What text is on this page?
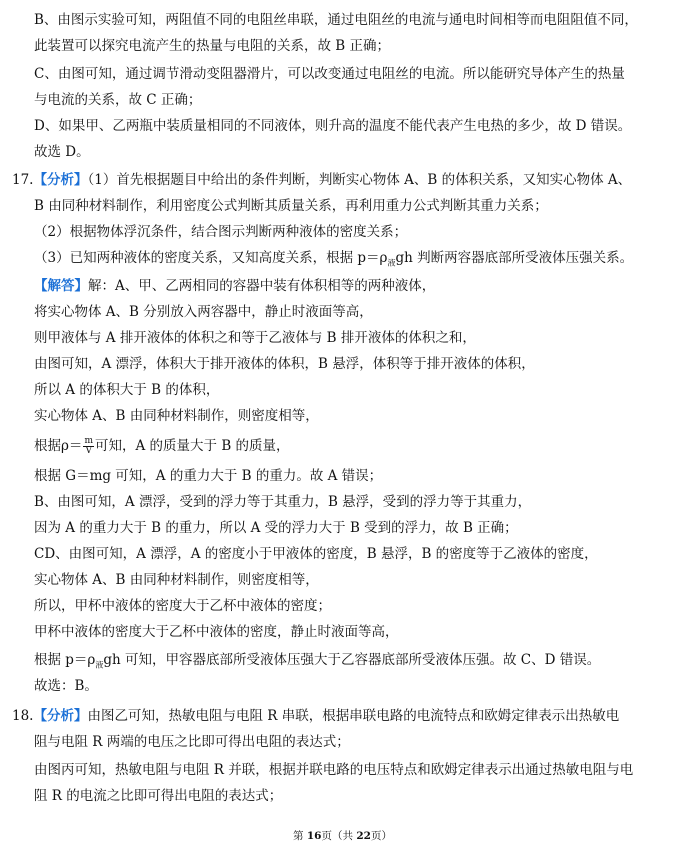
B、由图示实验可知，两阻值不同的电阻丝串联，通过电阻丝的电流与通电时间相等而电阻阻值不同，
此装置可以探究电流产生的热量与电阻的关系，故 B 正确；
C、由图可知，通过调节滑动变阻器滑片，可以改变通过电阻丝的电流。所以能研究导体产生的热量
与电流的关系，故 C 正确；
D、如果甲、乙两瓶中装质量相同的不同液体，则升高的温度不能代表产生电热的多少，故 D 错误。
故选 D。
17.【分析】（1）首先根据题目中给出的条件判断，判断实心物体 A、B 的体积关系，又知实心物体 A、
B 由同种材料制作，利用密度公式判断其质量关系，再利用重力公式判断其重力关系；
（2）根据物体浮沉条件，结合图示判断两种液体的密度关系；
（3）已知两种液体的密度关系，又知高度关系，根据 $p=\rho_液gh$ 判断两容器底部所受液体压强关系。
【解答】解：A、甲、乙两相同的容器中装有体积相等的两种液体，
将实心物体 A、B 分别放入两容器中，静止时液面等高，
则甲液体与 A 排开液体的体积之和等于乙液体与 B 排开液体的体积之和，
由图可知，A 漂浮，体积大于排开液体的体积，B 悬浮，体积等于排开液体的体积，
所以 A 的体积大于 B 的体积，
实心物体 A、B 由同种材料制作，则密度相等，
根据$\rho= \frac{m}{V}$ 可知，A 的质量大于 B 的质量，
根据 G＝mg 可知，A 的重力大于 B 的重力。故 A 错误；
B、由图可知，A 漂浮，受到的浮力等于其重力，B 悬浮，受到的浮力等于其重力，
因为 A 的重力大于 B 的重力，所以 A 受的浮力大于 B 受到的浮力，故 B 正确；
CD、由图可知，A 漂浮，A 的密度小于甲液体的密度，B 悬浮，B 的密度等于乙液体的密度，
实心物体 A、B 由同种材料制作，则密度相等，
所以，甲杯中液体的密度大于乙杯中液体的密度；
甲杯中液体的密度大于乙杯中液体的密度，静止时液面等高，
根据 $p=\rho_液gh$ 可知，甲容器底部所受液体压强大于乙容器底部所受液体压强。故 C、D 错误。
故选：B。
18.【分析】由图乙可知，热敏电阻与电阻 R 串联，根据串联电路的电流特点和欧姆定律表示出热敏电
阻与电阻 R 两端的电压之比即可得出电阻的表达式；
由图丙可知，热敏电阻与电阻 R 并联，根据并联电路的电压特点和欧姆定律表示出通过热敏电阻与电
阻 R 的电流之比即可得出电阻的表达式；
第 16页（共 22页）
